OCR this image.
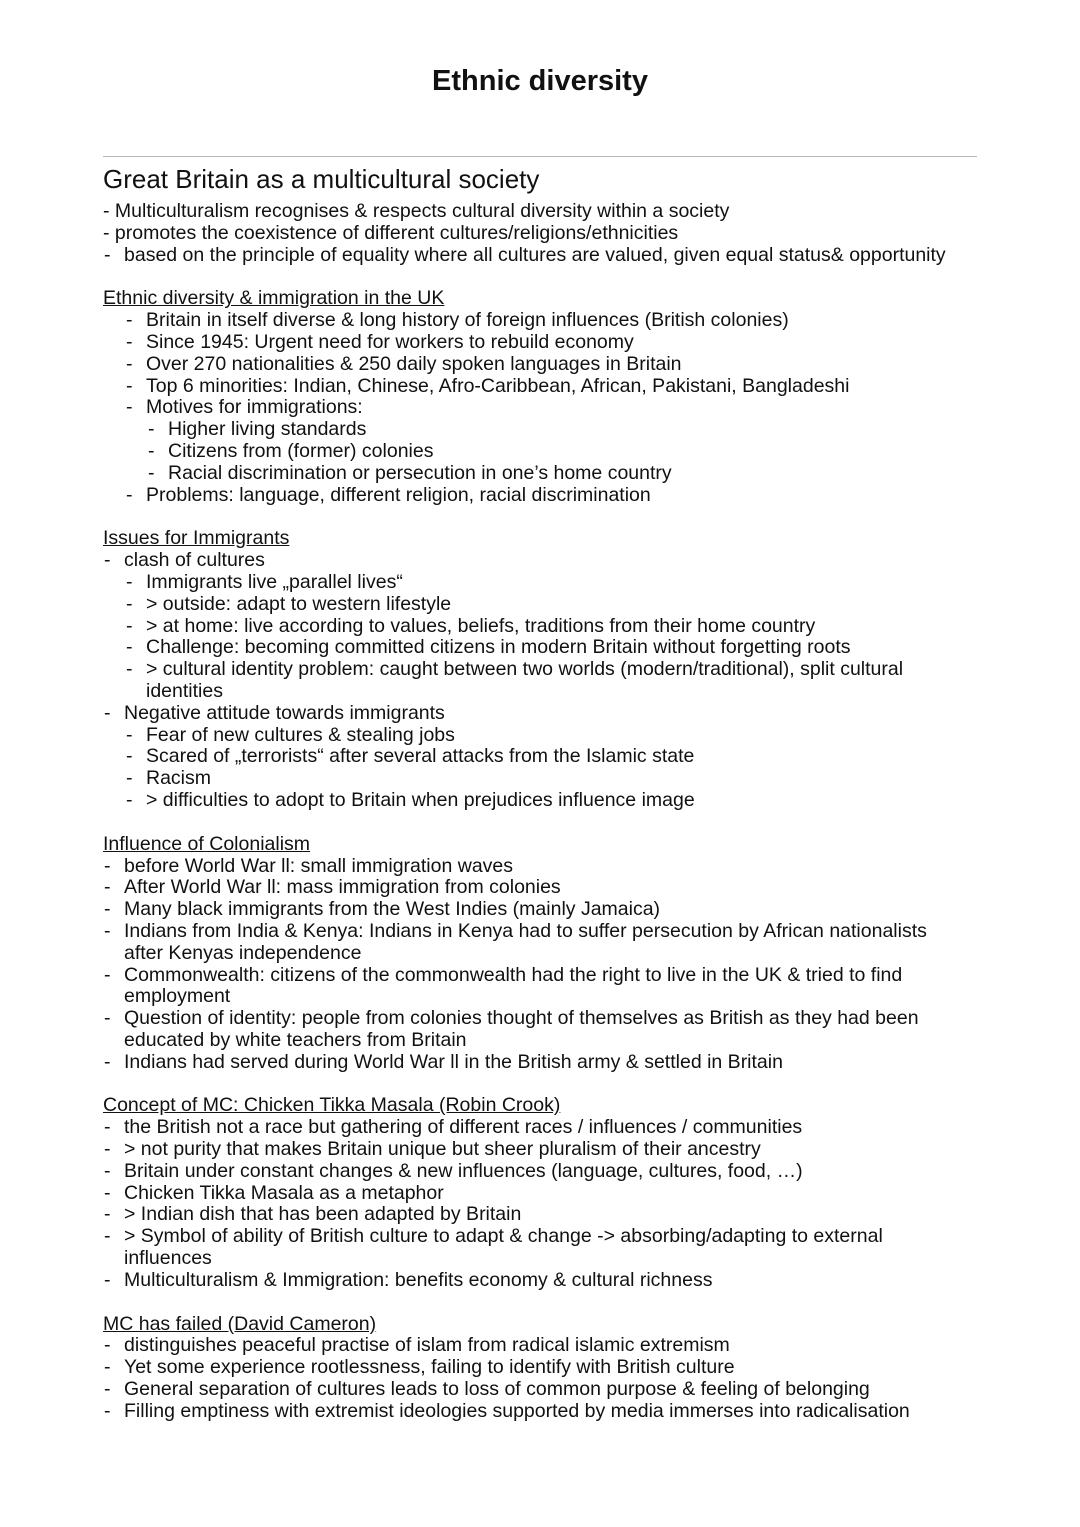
Ethnic diversity
Great Britain as a multicultural society
- Multiculturalism recognises & respects cultural diversity within a society
- promotes the coexistence of different cultures/religions/ethnicities
- based on the principle of equality where all cultures are valued, given equal status& opportunity
Ethnic diversity & immigration in the UK
- Britain in itself diverse & long history of foreign influences (British colonies)
- Since 1945: Urgent need for workers to rebuild economy
- Over 270 nationalities & 250 daily spoken languages in Britain
- Top 6 minorities: Indian, Chinese, Afro-Caribbean, African, Pakistani, Bangladeshi
- Motives for immigrations:
- Higher living standards
- Citizens from (former) colonies
- Racial discrimination or persecution in one’s home country
- Problems: language, different religion, racial discrimination
Issues for Immigrants
- clash of cultures
- Immigrants live „parallel lives“
- > outside: adapt to western lifestyle
- > at home: live according to values, beliefs, traditions from their home country
- Challenge: becoming committed citizens in modern Britain without forgetting roots
- > cultural identity problem: caught between two worlds (modern/traditional), split cultural
identities
- Negative attitude towards immigrants
- Fear of new cultures & stealing jobs
- Scared of „terrorists“ after several attacks from the Islamic state
- Racism
- > difficulties to adopt to Britain when prejudices influence image
Influence of Colonialism
- before World War ll: small immigration waves
- After World War ll: mass immigration from colonies
- Many black immigrants from the West Indies (mainly Jamaica)
- Indians from India & Kenya: Indians in Kenya had to suffer persecution by African nationalists
after Kenyas independence
- Commonwealth: citizens of the commonwealth had the right to live in the UK & tried to find
employment
- Question of identity: people from colonies thought of themselves as British as they had been
educated by white teachers from Britain
- Indians had served during World War ll in the British army & settled in Britain
Concept of MC: Chicken Tikka Masala (Robin Crook)
- the British not a race but gathering of different races / influences / communities
- > not purity that makes Britain unique but sheer pluralism of their ancestry
- Britain under constant changes & new influences (language, cultures, food, …)
- Chicken Tikka Masala as a metaphor
- > Indian dish that has been adapted by Britain
- > Symbol of ability of British culture to adapt & change -> absorbing/adapting to external
influences
- Multiculturalism & Immigration: benefits economy & cultural richness
MC has failed (David Cameron)
- distinguishes peaceful practise of islam from radical islamic extremism
- Yet some experience rootlessness, failing to identify with British culture
- General separation of cultures leads to loss of common purpose & feeling of belonging
- Filling emptiness with extremist ideologies supported by media immerses into radicalisation
